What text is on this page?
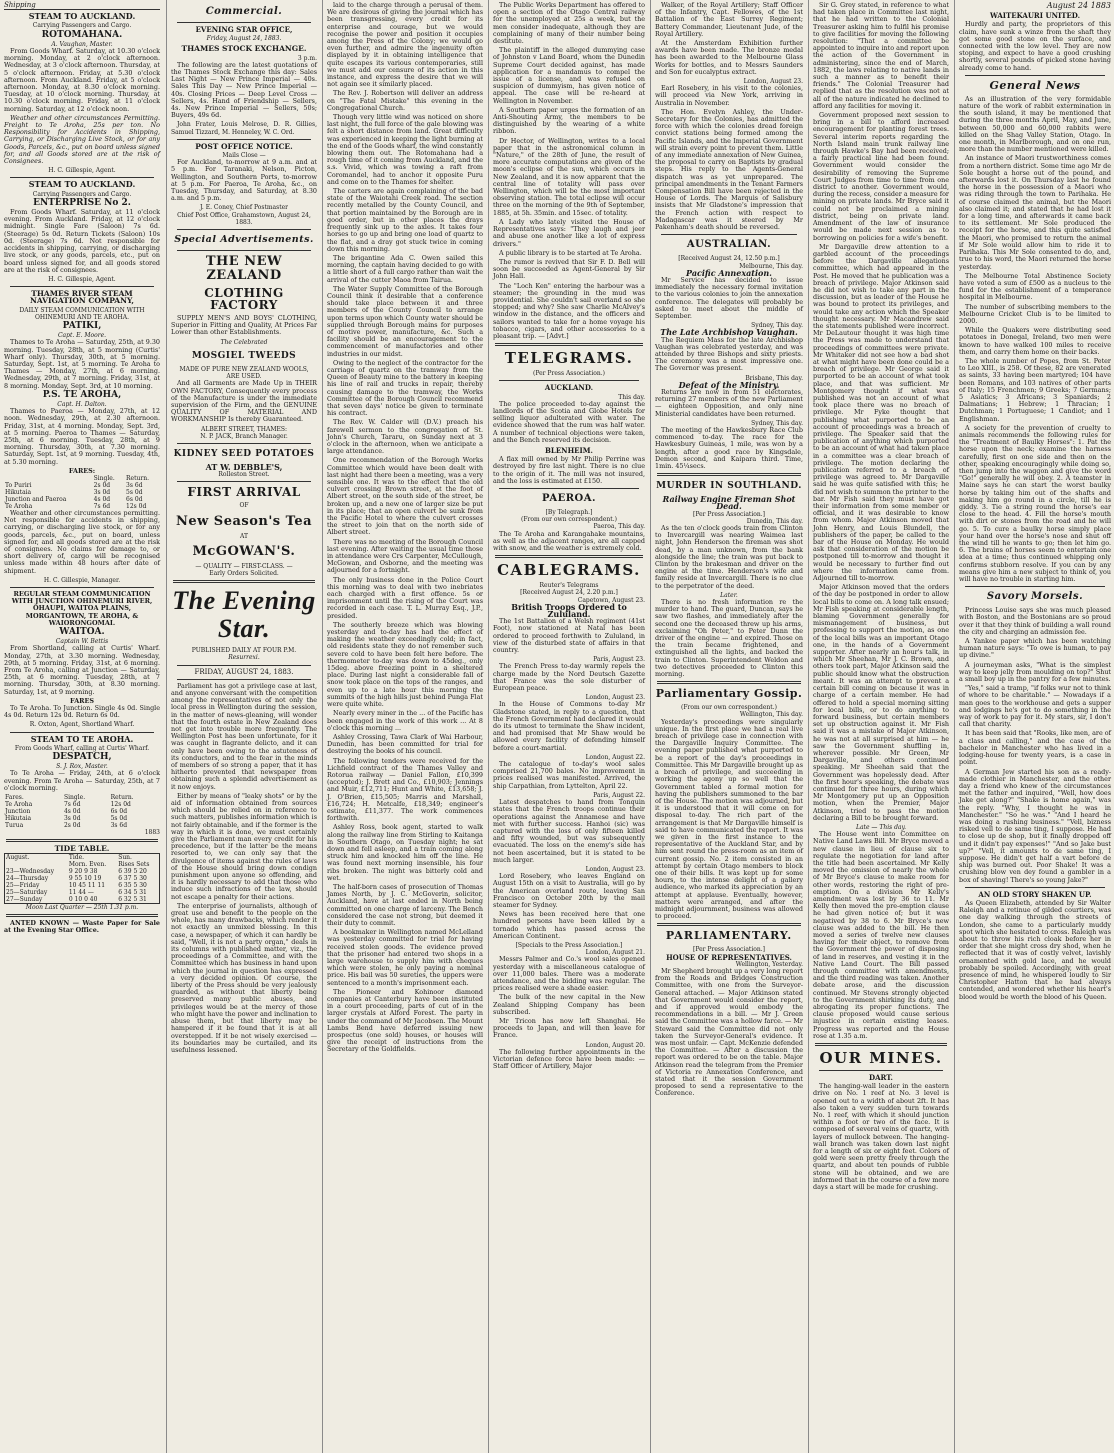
Shipping
STEAM TO AUCKLAND.
Carrying Passengers and Cargo.
ROTOMAHANA.
A. Vaughan, Master.
From Goods Wharf. Saturday, at 10.30 o'clock morning. Monday, at 2 o'clock afternoon. Wednesday, at 3 o'clock afternoon. Thursday, at 5 o'clock afternoon. Friday, at 5.30 o'clock afternoon. From Auckland. Friday, at 5 o'clock afternoon. Monday, at 8.30 o'clock morning. Tuesday, at 10 o'clock morning. Thursday, at 10.30 o'clock morning. Friday, at 11 o'clock morning. Saturday, at 12 o'clock noon.
Weather and other circumstances Permitting. Freight to Te Aroha, 25s per ton. No Responsibility for Accidents in Shipping, Carrying, or Discharging Live Stock, or for any Goods, Parcels, &c., put on board unless signed for, and all Goods stored are at the risk of Consignees.
H. C. Gillespie, Agent.
STEAM TO AUCKLAND.
Carrying Passengers and Cargo.
ENTERPRISE No 2.
From Goods Wharf. Saturday, at 11 o'clock evening. From Auckland. Friday, at 12 o'clock midnight. Single Fare (Saloon) 7s 6d. (Steerage) 5s 0d. Return Tickets (Saloon) 10s 0d. (Steerage) 7s 6d. Not responsible for accidents in shipping, carrying, or discharging live stock, or any goods, parcels, etc., put on board unless signed for, and all goods stored are at the risk of consignees.
H. C. Gillespie, Agent.
THAMES RIVER STEAM NAVIGATION COMPANY,
DAILY STEAM COMMUNICATION WITH OHINEMURI AND TE AROHA.
PATIKI,
Capt. E. Moore.
Thames to Te Aroha — Saturday, 25th, at 9.30 morning. Tuesday, 28th, at 5 morning (Curtis' Wharf only). Thursday, 30th, at 5 morning. Saturday, Sept. 1st, at 5 morning. Te Aroha to Thames — Monday, 27th, at 6 morning. Wednesday, 29th, at 7 morning. Friday, 31st, at 8 morning. Monday, Sept. 3rd, at 10 morning.
P.S. TE AROHA,
Capt. H. Dalton.
Thames to Paeroa — Monday, 27th, at 12 noon. Wednesday, 29th, at 2.30 afternoon. Friday, 31st, at 4 morning. Monday, Sept. 3rd, at 5 morning. Paeroa to Thames — Saturday, 25th, at 6 morning. Tuesday, 28th, at 9 morning. Thursday, 30th, at 7.30 morning. Saturday, Sept. 1st, at 9 morning. Tuesday, 4th, at 5.30 morning.
FARES:
	Single.	Return.
To Puriri	2s 0d	3s 6d
Hikutaia	3s 0d	5s 0d
Junction and Paeroa	4s 0d	6s 0d
Te Aroha	7s 6d	12s 0d
Weather and other circumstances permitting. Not responsible for accidents in shipping, carrying, or discharging live stock, or for any goods, parcels, &c., put on board, unless signed for, and all goods stored are at the risk of consignees. No claims for damage to, or short delivery of, cargo will be recognised unless made within 48 hours after date of shipment.
H. C. Gillespie, Manager.
REGULAR STEAM COMMUNICATION WITH JUNCTION OHINEMURI RIVER, OHAUPI, WAITOA PLAINS, MORGANTOWN, TE AROHA, & WAIORONGOMAI.
WAITOA.
Captain W. Bettis
From Shortland, calling at Curtis' Wharf. Monday, 27th, at 3.30 morning. Wednesday, 29th, at 5 morning. Friday, 31st, at 6 morning. From Te Aroha, calling at Junction — Saturday, 25th, at 6 morning. Tuesday, 28th, at 7 morning. Thursday, 30th, at 8.30 morning. Saturday, 1st, at 9 morning.
FARES
To Te Aroha. To Junction. Single 4s 0d. Single 4s 0d. Return 12s 0d. Return 6s 0d.
R. Oxton, Agent, Shortland Wharf.
STEAM TO TE AROHA.
From Goods Wharf, calling at Curtis' Wharf.
DESPATCH,
S. J. Rox, Master.
To Te Aroha — Friday, 24th, at 6 o'clock evening. From Te Aroha — Saturday, 25th, at 7 o'clock morning.
Fares.	Single.	Return.
Te Aroha	7s 6d	12s 0d
Junction	4s 0d	6s 0d
Hikutaia	3s 0d	5s 0d
Turua	2s 0d	3s 6d
1883
TIDE TABLE.
August.	Tide.	Sun.
	Morn. Even.	Rises Sets
23—Wednesday	9 20 9 38	6 39 5 20
24—Thursday	9 55 10 19	6 37 5 30
25—Friday	10 45 11 11	6 35 5 30
25—Saturday	11 44 —	6 34 5 31
27—Sunday	0 10 0 40	6 32 5 31
Moon Last Quarter — 25th 1.31 p.m.
ANTED KNOWN — Waste Paper for Sale at the Evening Star Office.
Commercial.
EVENING STAR OFFICE,
Friday, August 24, 1883.
THAMES STOCK EXCHANGE.
3 p.m.
The following are the latest quotations of the Thames Stock Exchange this day: Sales Last Night — New Prince Imperial — 40s. Sales This Day — New Prince Imperial — 40s. Closing Prices — Deep Level Cross — Sellers, 4s. Hand of Friendship — Sellers, 4s. New Prince Imperial — Sellers, 50s; Buyers, 49s 6d.
John Frater, Louis Melrose, D. R. Gillies, Samuel Tizzard, M. Henneley, W. C. Ord.
POST OFFICE NOTICE.
Mails Close —
For Auckland, to-morrow at 9 a.m. and at 5 p.m. For Taranaki, Nelson, Picton, Wellington, and Southern Ports, to-morrow at 5 p.m. For Paeroa, Te Aroha, &c., on Tuesday, Thursday, and Saturday, at 8.30 a.m. and 5 p.m.
J. E. Coney, Chief Postmaster
Chief Post Office, Grahamstown, August 24, 1883.
Special Advertisements.
THE NEW ZEALAND
CLOTHING FACTORY
SUPPLY MEN'S AND BOYS' CLOTHING, Superior in Fitting and Quality, At Prices Far Lower than other Establishments.
The Celebrated
MOSGIEL TWEEDS
MADE OF PURE NEW ZEALAND WOOLS,
ARE USED.
And all Garments are Made Up in THEIR OWN FACTORY, Consequently every process of the Manufacture is under the immediate supervision of the Firm, and the GENUINE QUALITY OF MATERIAL AND WORKMANSHIP Is thereby Guaranteed.
ALBERT STREET, THAMES:
N. P. JACK, Branch Manager.
KIDNEY SEED POTATOES
AT W. DEBBLE'S,
Rolleston Street.
FIRST ARRIVAL
OF
New Season's Tea
AT
McGOWAN'S.
— QUALITY — FIRST-CLASS. —
Early Orders Solicited.
The Evening Star.
PUBLISHED DAILY AT FOUR P.M.
Resurrexi.
FRIDAY, AUGUST 24, 1883.
Parliament has got a privilege case at last, and anyone conversant with the competition among the representatives of not only the local press in Wellington during the session, in the matter of news-gleaning, will wonder that the fourth estate in New Zealand does not get into trouble more frequently. The Wellington Post has been unfortunate, for it was caught in flagrante delicto, and it can only have been owing to the astuteness of its conductors, and to the fear in the minds of members of so strong a paper, that it has hitherto prevented that newspaper from obtaining such a splendid advertisement as it now enjoys.
Either by means of "leaky shots" or by the aid of information obtained from sources which should be relied on in reference to such matters, publishes information which is not fairly obtainable, and if the former is the way in which it is done, we must certainly give the Parliament man every credit for his precedence, but if the latter be the means resorted to, we can only say that the divulgence of items against the rules of laws of the House should bring down condign punishment upon anyone so offending, and it is hardly necessary to add that those who induce such infractions of the law, should not escape a penalty for their actions.
The enterprise of journalists, although of great use and benefit to the people on the whole, has many drawbacks, which render it not exactly an unmixed blessing. In this case, a newspaper, of which it can hardly be said, "Well, it is not a party organ," deals in its columns with published matter, viz., the proceedings of a Committee, and with the Committee which has business in hand upon which the journal in question has expressed a very decided opinion. Of course, the liberty of the Press should be very jealously guarded, as without that liberty being preserved many public abuses, and privileges would be at the mercy of those who might have the power and inclination to abuse them, but that liberty may be hampered if it be found that it is at all overstepped. If it be not wisely exercised — its boundaries may be curtailed, and its usefulness lessened.
laid to the charge through a perusal of them. We are desirous of giving the journal which has been transgressing, every credit for its enterprise and courage, but we would recognise the power and position it occupies among the Press of the Colony; we would go even further, and admire the ingenuity often displayed by it in obtaining intelligence that quite escapes its various contemporaries, still we must add our censure of its action in this instance, and express the desire that we will not again see it similarly placed.
The Rev. J. Robertson will deliver an address on "The Fatal Mistake" this evening in the Congregational Church.
Though very little wind was noticed on shore last night, the full force of the gale blowing was felt a short distance from land. Great difficulty was experienced in keeping the light burning at the end of the Goods wharf, the wind constantly blowing them out. The Rotomahana had a rough time of it coming from Auckland, and the s.s. Vivid, which was towing a raft from Coromandel, had to anchor it opposite Puru and come on to the Thames for shelter.
The carters are again complaining of the bad state of the Waiotahi Creek road. The section recently metalled by the County Council, and that portion maintained by the Borough are in good order, but in other places the drays frequently sink up to the axles. It takes four horses to go up and bring one load of quartz to the flat, and a dray got stuck twice in coming down this morning.
The brigantine Ada C. Owen sailed this morning, the captain having decided to go with a little short of a full cargo rather than wait the arrival of the cutter Maoa from Tairua.
The Water Supply Committee of the Borough Council think it desirable that a conference should take place between it and three members of the County Council to arrange upon terms upon which County water should be supplied through Borough mains for purposes of motive power, manufacture, &c. Such a facility should be an encouragement to the commencement of manufactories and other industries in our midst.
Owing to the neglect of the contractor for the carriage of quartz on the tramway from the Queen of Beauty mine to the battery in keeping his line of rail and trucks in repair, thereby causing damage to the tramway, the Works Committee of the Borough Council recommend that seven days' notice be given to terminate his contract.
The Rev. W. Calder will (D.V.) preach his farewell sermon to the congregation of St. John's Church, Tararu, on Sunday next at 3 o'clock in the afternoon, when we anticipate a large attendance.
One recommendation of the Borough Works Committee which would have been dealt with last night had there been a meeting, was a very sensible one. It was to the effect that the old culvert crossing Brown street, at the foot of Albert street, on the south side of the street, be broken up, and a new one of larger size be put in its place; that an open culvert be sunk from the Pacific Hotel to where the culvert crosses the street to join that on the north side of Albert street.
There was no meeting of the Borough Council last evening. After waiting the usual time those in attendance were Crs Carpenter, McCullough, McGowan, and Osborne, and the meeting was adjourned for a fortnight.
The only business done in the Police Court this morning was to deal with two inebriates each charged with a first offence. 5s or imprisonment until the rising of the Court was recorded in each case. T. L. Murray Esq., J.P., presided.
The southerly breeze which was blowing yesterday and to-day has had the effect of making the weather exceedingly cold; in fact, old residents state they do not remember such severe cold to have been felt here before. The thermometer to-day was down to 45deg., only 15deg. above freezing point in a sheltered place. During last night a considerable fall of snow took place on the tops of the ranges, and even up to a late hour this morning the summits of the high hills just behind Punga Flat were quite white.
Nearly every miner in the ... of the Pacific has been engaged in the work of this work ... At 8 o'clock this morning ...
Ashley Crossing, Tawa Clark of Wai Harbour, Dunedin, has been committed for trial for destroying the books of his council.
The following tenders were received for the Lichfield contract of the Thames Valley and Rotorua railway — Daniel Fallon, £10,399 (accepted); J. Brett and Co., £10,903; Jennings and Muir, £12,711; Hunt and White, £13,658; J. J. O'Brien, £15,505; Marris and Marshall, £16,724; H. Metcalfe, £18,349; engineer's estimate, £11,377. The work commences forthwith.
Ashley Ross, book agent, started to walk along the railway line from Stirling to Kaitanga in Southern Otago, on Tuesday night; he sat down and fell asleep, and a train coming along struck him and knocked him off the line. He was found next morning insensible, his four ribs broken. The night was bitterly cold and wet.
The half-born cases of prosecution of Thomas James North, by J. C. McGoverin, solicitor, Auckland, have at last ended in North being committed on one charge of larceny. The Bench considered the case not strong, but deemed it their duty to commit.
A bookmaker in Wellington named McLelland was yesterday committed for trial for having received stolen goods. The evidence proved that the prisoner had entered two shops in a large warehouse to supply him with cheques which were stolen, he only paying a nominal price. His bail was 50 sureties, the uppers were sentenced to a month's imprisonment each.
The Pioneer and Kohinoor diamond companies at Canterbury have been instituted in a court proceeding, parts of cut of in the larger crystals at Alford Forest. The party in under the command of Mr Jacobsen. The Mount Lambs Bend have deferred issuing new prospectus (one sold) houses, or houses will give the receipt of instructions from the Secretary of the Goldfields.
The Public Works Department has offered to open a section of the Otago Central railway for the unemployed at 25s a week, but the men consider inadequate, although they are complaining of many of their number being destitute.
The plaintiff in the alleged dummying case of Johnston v Land Board, whom the Dunedin Supreme Court decided against, has made application for a mandamus to compel the issue of a license, and was refused on suspicion of dummyism, has given notice of appeal. The case will be re-heard at Wellington in November.
A Southern paper urges the formation of an Anti-Shouting Army, the members to be distinguished by the wearing of a white ribbon.
Dr Hector, of Wellington, writes to a local paper that in the astronomical column in "Nature," of the 28th of June, the result of more accurate computations are given of the moon's eclipse of the sun, which occurs in New Zealand, and it is now apparent that the central line of totality will pass over Wellington, which will be the most important observing station. The total eclipse will occur three on the morning of the 9th of September, 1885, at 5h. 35min. and 15sec. of totality.
A Lady who lately visited the House of Representatives says: "They laugh and jeer and abuse one another like a lot of express drivers."
A public library is to be started at Te Aroha.
The rumor is revived that Sir F. D. Bell will soon be succeeded as Agent-General by Sir John Hall.
The "Loch Ken" entering the harbour was a steamer; the grounding in the mud was providential. She couldn't sail overland so she stopped; and why? She saw Charlie McAlvey's window in the distance, and the officers and sailors wanted to take for a home voyage his tobacco, cigars, and other accessories to a pleasant trip. — [Advt.]
TELEGRAMS.
(Per Press Association.)
AUCKLAND.
This day.
The police proceeded to-day against the landlords of the Scotia and Globe Hotels for selling liquor adulterated with water. The evidence showed that the rum was half water. A number of technical objections were taken, and the Bench reserved its decision.
BLENHEIM.
A flax mill owned by Mr Philip Perrine was destroyed by fire last night. There is no clue to the origin of it. The mill was not insured, and the loss is estimated at £150.
PAEROA.
[By Telegraph.]
(From our own correspondent.)
Paeroa, This day.
The Te Aroha and Karangahake mountains, as well as the adjacent ranges, are all capped with snow, and the weather is extremely cold.
CABLEGRAMS.
Reuter's Telegrams
[Received August 24, 2.20 p.m.]
Capetown, August 23.
British Troops Ordered to Zululand.
The 1st Battalion of a Welsh regiment (41st Foot), now stationed at Natal has been ordered to proceed forthwith to Zululand, in view of the disturbed state of affairs in that country.
Paris, August 23.
The French Press to-day warmly repels the charge made by the Nord Deutsch Gazette that France was the sole disturber of European peace.
London, August 23.
In the House of Commons to-day Mr Gladstone stated, in reply to a question, that the French Government had declared it would do its utmost to terminate the Shaw incident, and had promised that Mr Shaw would be allowed every facility of defending himself before a court-martial.
London, August 22.
The catalogue of to-day's wool sales comprised 21,700 bales. No improvement in prices realised was manifested. Arrived, the ship Carpathian, from Lyttelton, April 22.
Paris, August 22.
Latest despatches to hand from Tonquin states that the French troops continue their operations against the Annamese and have met with further success. Hanhoi (sic) was captured with the loss of only fifteen killed and fifty wounded, but was subsequently evacuated. The loss on the enemy's side has not been ascertained, but it is stated to be much larger.
London, August 23.
Lord Rosebery, who leaves England on August 15th on a visit to Australia, will go by the American overland route, leaving San Francisco on October 20th by the mail steamer for Sydney.
News has been received here that one hundred persons have been killed by a tornado which has passed across the American Continent.
[Specials to the Press Association.]
London, August 21.
Messrs Palmer and Co.'s wool sales opened yesterday with a miscellaneous catalogue of over 11,000 bales. There was a moderate attendance, and the bidding was regular. The prices realised were a shade easier.
The bulk of the new capital in the New Zealand Shipping Company has been subscribed.
Mr Tricon has now left Shanghai. He proceeds to Japan, and will then leave for France.
London, August 20.
The following further appointments in the Victorian defence force have been made: — Staff Officer of Artillery, Major
Walker, of the Royal Artillery; Staff Officer of the Infantry, Capt. Fellowes, of the 1st Battalion of the East Surrey Regiment; Battery Commander, Lieutenant Jude, of the Royal Artillery.
At the Amsterdam Exhibition further awards have been made. The bronze medal has been awarded to the Melbourne Glass Works for bottles, and to Messrs Saunders and Son for eucalyptus extract.
London, August 23.
Earl Rosebery, in his visit to the colonies, will proceed via New York, arriving in Australia in November.
The Hon. Evelyn Ashley, the Under-Secretary for the Colonies, has admitted the force with which the colonies dread foreign convict stations being formed among the Pacific Islands, and the Imperial Government will strain every point to prevent them. Little of any immediate annexation of New Guinea, the proposal to carry on Baptists by gradual steps. His reply to the Agents-General dispatch was as yet unprepared. The principal amendments in the Tenant Farmers Compensation Bill have been rejected in the House of Lords. The Marquis of Salisbury insists that Mr Gladstone's impression that the French action with respect to Madagascar was it steered by Mr Pakenham's death should be reversed.
AUSTRALIAN.
[Received August 24, 12.50 p.m.]
Melbourne, This day.
Pacific Annexation.
Mr Service has decided to issue immediately the necessary formal invitation to the various colonies to join the annexation conference. The delegates will probably be asked to meet about the middle of September.
Sydney, This day.
The Late Archbishop Vaughan.
The Requiem Mass for the late Archbishop Vaughan was celebrated yesterday, and was attended by three Bishops and sixty priests. The ceremony was a most impressive one. The Governor was present.
Brisbane, This day.
Defeat of the Ministry.
Returns are now in from 51 electorates, returning 27 members of the new Parliament — eighteen Opposition, and only nine Ministerial candidates have been returned.
Sydney, This day.
The meeting of the Hawkesbury Race Club commenced to-day. The race for the Hawkesbury Guineas, 1 mile, was won by a length, after a good race by Kingsdale, Demon second, and Kaipara third. Time, 1min. 45¼secs.
MURDER IN SOUTHLAND.
Railway Engine Fireman Shot Dead.
[Per Press Association.]
Dunedin, This day.
As the ten o'clock goods train from Clinton to Invercargill was nearing Waimea last night, John Henderson the fireman was shot dead, by a man unknown, from the bank alongside the line; the train was put back to Clinton by the brakesman and driver on the engine at the time. Henderson's wife and family reside at Invercargill. There is no clue to the perpetrator of the deed.
Later.
There is no fresh information re the murder to hand. The guard, Duncan, says he saw two flashes, and immediately after the second one the deceased threw up his arms, exclaiming "Oh Peter," to Peter Dunn the driver of the engine — and expired. Those on the train became frightened, and extinguished all the lights, and backed the train to Clinton. Superintendent Weldon and two detectives proceeded to Clinton this morning.
Parliamentary Gossip.
(From our own correspondent.)
Wellington, This day.
Yesterday's proceedings were singularly unique. In the first place we had a real live breach of privilege case in connection with the Dargaville Inquiry Committee. The evening paper published what purported to be a report of the day's proceedings in Committee. This Mr Dargaville brought up as a breach of privilege, and succeeding in working the agony up so well that the Government tabled a formal motion for having the publishers summoned to the bar of the House. The motion was adjourned, but it is understood that it will come on for disposal to-day. The rich part of the arrangement is that Mr Dargaville himself is said to have communicated the report. It was we given in the first instance to the representative of the Auckland Star, and by him sent round the press-room as an item of current gossip. No. 2 item consisted in an attempt by certain Otago members to block one of their bills. It was kept up for some hours, to the intense delight of a gallery audience, who marked its appreciation by an attempt at applause. Eventually, however, matters were arranged, and after the midnight adjournment, business was allowed to proceed.
PARLIAMENTARY.
[Per Press Association.]
HOUSE OF REPRESENTATIVES.
Wellington, Yesterday.
Mr Shepherd brought up a very long report from the Roads and Bridges Construction Committee, with one from the Surveyor-General attached. — Major Atkinson stated that Government would consider the report, and if approved would embody the recommendations in a bill. — Mr J. Green said the Committee was a hollow farce. — Mr Steward said the Committee did not only taken the Surveyor-General's evidence. It was most unfair. — Capt. McKenzie defended the Committee. — After a discussion the report was ordered to be on the table. Major Atkinson read the telegram from the Premier of Victoria re Annexation Conference, and stated that it the session Government proposed to send a representative to the Conference.
Sir G. Grey stated, in reference to what had taken place in Committee last night, that he had written to the Colonial Treasurer asking him to fulfil his promise to give facilities for moving the following resolution: "That a committee be appointed to inquire into and report upon the action of the Government in administering, since the end of March, 1882, the laws relating to native lands in such a manner as to benefit their friends." The Colonial Treasurer had replied that as the resolution was not at all of the nature indicated he declined to afford any facilities for moving it.
Government proposed next session to bring in a bill to afford increased encouragement for planting forest trees. Several interim reports regarding the North Island main trunk railway line through Hawke's Bay had been received; a fairly practical line had been found. Government would consider the desirability of removing the Supreme Court Judges from time to time from one district to another. Government would, during the recess, consider a measure for mining on private lands. Mr Bryce said it could not be proclaimed a mining district, being on private land. Amendment of the law of insurance would be made next session as to borrowing on policies for a wife's benefit.
Mr Dargaville drew attention to a garbled account of the proceedings before the Dargaville allegations committee, which had appeared in the Post. He moved that he publication was a breach of privilege. Major Atkinson said he did not wish to take any part in the discussion, but as leader of the House he was bound to protect its privileges, and would take any action which the Speaker thought necessary. Mr Macandrew said the statements published were incorrect. Mr DeLautour thought it was high time the Press was made to understand that proceedings of committees were private. Mr Whitaker did not see how a bad shot at what might have been done could be a breach of privilege. Mr George said it purported to be an account of what took place, and that was sufficient. Mr Montgomery thought if what was published was not an account of what took place there was no breach of privilege. Mr Fyke thought that publishing what purported to be an account of proceedings was a breach of privilege. The Speaker said that the publication of anything which purported to be an account of what had taken place in a committee was a clear breach of privilege. The motion declaring the publication referred to a breach of privilege was agreed to. Mr Dargaville said he was quite satisfied with this; he did not wish to summon the printer to the bar. Mr Fish said they must have got their information from some member or official, and it was desirable to know from whom. Major Atkinson moved that John Henry, and Louis Blundell, the publishers of the paper, be called to the bar of the House on Monday. He would ask that consideration of the motion be postponed till to-morrow and thought it would be necessary to further find out where the information came from. Adjourned till to-morrow.
Major Atkinson moved that the orders of the day be postponed in order to allow local bills to come on. A long talk ensued; Mr Fish speaking at considerable length, blaming Government generally for mismanagement of business, but professing to support the motion, as one of the local bills was an important Otago one, in the hands of a Government supporter. After nearly an hour's talk, in which Mr Sheehan, Mr J. C. Brown, and others took part, Major Atkinson said the public should know what the obstruction meant. It was an attempt to prevent a certain bill coming on because it was in charge of a certain member. He had offered to hold a special morning sitting for local bills, or to do anything to forward business, but certain members set up obstruction against it. Mr Fish said it was a mistake of Major Atkinson, he was not at all surprised at him — he saw the Government shuffling in, wherever possible. Mr Green, Mr Dargaville, and others continued speaking. Mr Sheehan said that the Government was hopelessly dead. After the first hour's speaking, the debate was continued for three hours, during which Mr Montgomery put up an Opposition motion, when the Premier, Major Atkinson, tried to pass the motion declaring a Bill to be brought forward.
Late — This day.
The House went into Committee on Native Land Laws Bill. Mr Bryce moved a new clause in lieu of clause six to regulate the negotiation for land after the title had been ascertained. Mr Kelly moved the omission of nearly the whole of Mr Bryce's clause to make room for other words, restoring the right of pre-emption. On a division Mr Kelly's amendment was lost by 36 to 11. Mr Kelly then moved the pre-emption clause he had given notice of; but it was negatived by 38 to 6. Mr Bryce's new clause was added to the bill. He then moved a series of twelve new clauses having for their object, to remove from the Government the power of disposing of land in reserves, and vesting it in the Native Land Court. The Bill passed through committee with amendments, and the third reading was taken. Another debate arose, and the discussion continued. Mr Stevens strongly objected to the Government shirking its duty, and abrogating its proper functions. The clause proposed would cause serious injustice in certain existing leases. Progress was reported and the House rose at 1.35 a.m.
OUR MINES.
DART.
The hanging-wall leader in the eastern drive on No. 1 reef at No. 3 level is opened out to a width of about 2ft. It has also taken a very sudden turn towards No. 1 reef, with which it should junction within a foot or two of the face. It is composed of several veins of quartz, with layers of mullock between. The hanging-wall branch was taken down last night for a length of six or eight feet. Colors of gold were seen pretty freely through the quartz, and about ten pounds of rubble stone will be obtained, and we are informed that in the course of a few more days a start will be made for crushing.
August 24 1883
WAITEKAURI UNITED.
Hurdly and party, the proprietors of this claim, have sunk a winze from the shaft they got some good stone on the surface, and connected with the low level. They are now stoping, and expect to have a good crushing shortly, several pounds of picked stone having already come to hand.
General News
As an illustration of the very formidable nature of the work of rabbit extermination in the south island, it may be mentioned that during the three months April, May, and June, between 50,000 and 60,000 rabbits were killed on the Shag Valley Station, Otago. In one month, in Marlborough, and on one run, more than the number mentioned were killed.
An instance of Maori trustworthiness comes from a northern district. Some time ago Mr de Sole bought a horse out of the pound, and afterwards lost it. On Thursday last he found the horse in the possession of a Maori who was riding through the town to Parihaka. He of course claimed the animal, but the Maori also claimed it; and stated that he had lost it for a long time, and afterwards it came back to its settlement. Mr Sole produced the receipt for the horse, and this quite satisfied the Maori, who promised to return the animal if Mr Sole would allow him to ride it to Parihaka. This Mr Sole consented to do, and, true to his word, the Maori returned the horse yesterday.
The Melbourne Total Abstinence Society have voted a sum of £500 as a nucleus to the fund for the establishment of a temperance hospital in Melbourne.
The number of subscribing members to the Melbourne Cricket Club is to be limited to 2000.
While the Quakers were distributing seed potatoes in Donegal, Ireland, two men were known to have walked 100 miles to receive them, and carry them home on their backs.
The whole number of Popes, from St. Peter to Leo XIII., is 258. Of these, 82 are venerated as saints, 33 having been martyred; 104 have been Romans, and 103 natives of other parts of Italy; 15 Frenchmen; 9 Greeks; 7 Germans; 5 Asiatics; 3 Africans; 3 Spaniards; 2 Dalmatians; 1 Hebrew; 1 Thracian; 1 Dutchman; 1 Portuguese; 1 Candiot; and 1 Englishman.
A society for the prevention of cruelty to animals recommends the following rules for the "Treatment of Baulky Horses": 1. Pat the horse upon the neck; examine the harness carefully, first on one side and then on the other, speaking encouragingly while doing so, then jump into the waggon and give the word "Go!" generally he will obey. 2. A teamster in Maine says he can start the worst baulky horse by taking him out of the shafts and making him go round in a circle, till he is giddy. 3. Tie a string round the horse's ear close to the head. 4. Fill the horse's mouth with dirt or stones from the road and he will go. 5. To cure a baulky horse simply place your hand over the horse's nose and shut off the wind till he wants to go; then let him go. 6. The brains of horses seem to entertain one idea at a time; thus continued whipping only confirms stubborn resolve. If you can by any means give him a new subject to think of, you will have no trouble in starting him.
Savory Morsels.
Princess Louise says she was much pleased with Boston, and the Bostonians are so proud over it that they think of building a wall round the city and charging an admission fee.
A Yankee paper which has been watching human nature says: "To owe is human, to pay up divine."
A journeyman asks, "What is the simplest way to keep jelly from moulding on top?" Shut a small boy up in the pantry for a few minutes.
"Yes," said a tramp, "if folks wur not to think of whore to be charitable." — Nowadays if a man goes to the workhouse and gets a supper and lodgings he's got to do something in the way of work to pay for it. My stars, sir, I don't call that charity.
It has been said that "Rooks, like men, are of a class and calling," and the case of the bachelor in Manchester who has lived in a lodging-house for twenty years, is a case in point.
A German Jew started his son as a ready-made clothier in Manchester, and the other day a friend who knew of the circumstances met the father and inquired, "Well, how does Jake get along?" "Shake is home again," was the reply. "Why, I thought he was in Manchester." "So he was." "And I heard he was doing a rushing business." "Vell, bizness risked vell to de same ting, I suppose. He had to close up de shop, but it finally dropped off und it didn't pay expenses!" "And so Jake bust up?" "Vell, it amounts to de same ting, I suppose. He didn't get half a vart before de ship was burned out. Poor Shake! It was a crushing blow ven dey found a gambler in a box of shaving! There's so young Jake?"
AN OLD STORY SHAKEN UP.
As Queen Elizabeth, attended by Sir Walter Raleigh and a retinue of gilded courtiers, was one day walking through the streets of London, she came to a particularly muddy spot which she hesitated to cross. Raleigh was about to throw his rich cloak before her in order that she might cross dry shod, when he reflected that it was of costly velvet, lavishly ornamented with gold lace, and he would probably be spoiled. Accordingly, with great presence of mind, he whispered loudly to Sir Christopher Hatton that he had always contended, and wondered whether his heart's blood would be worth the blood of his Queen.
